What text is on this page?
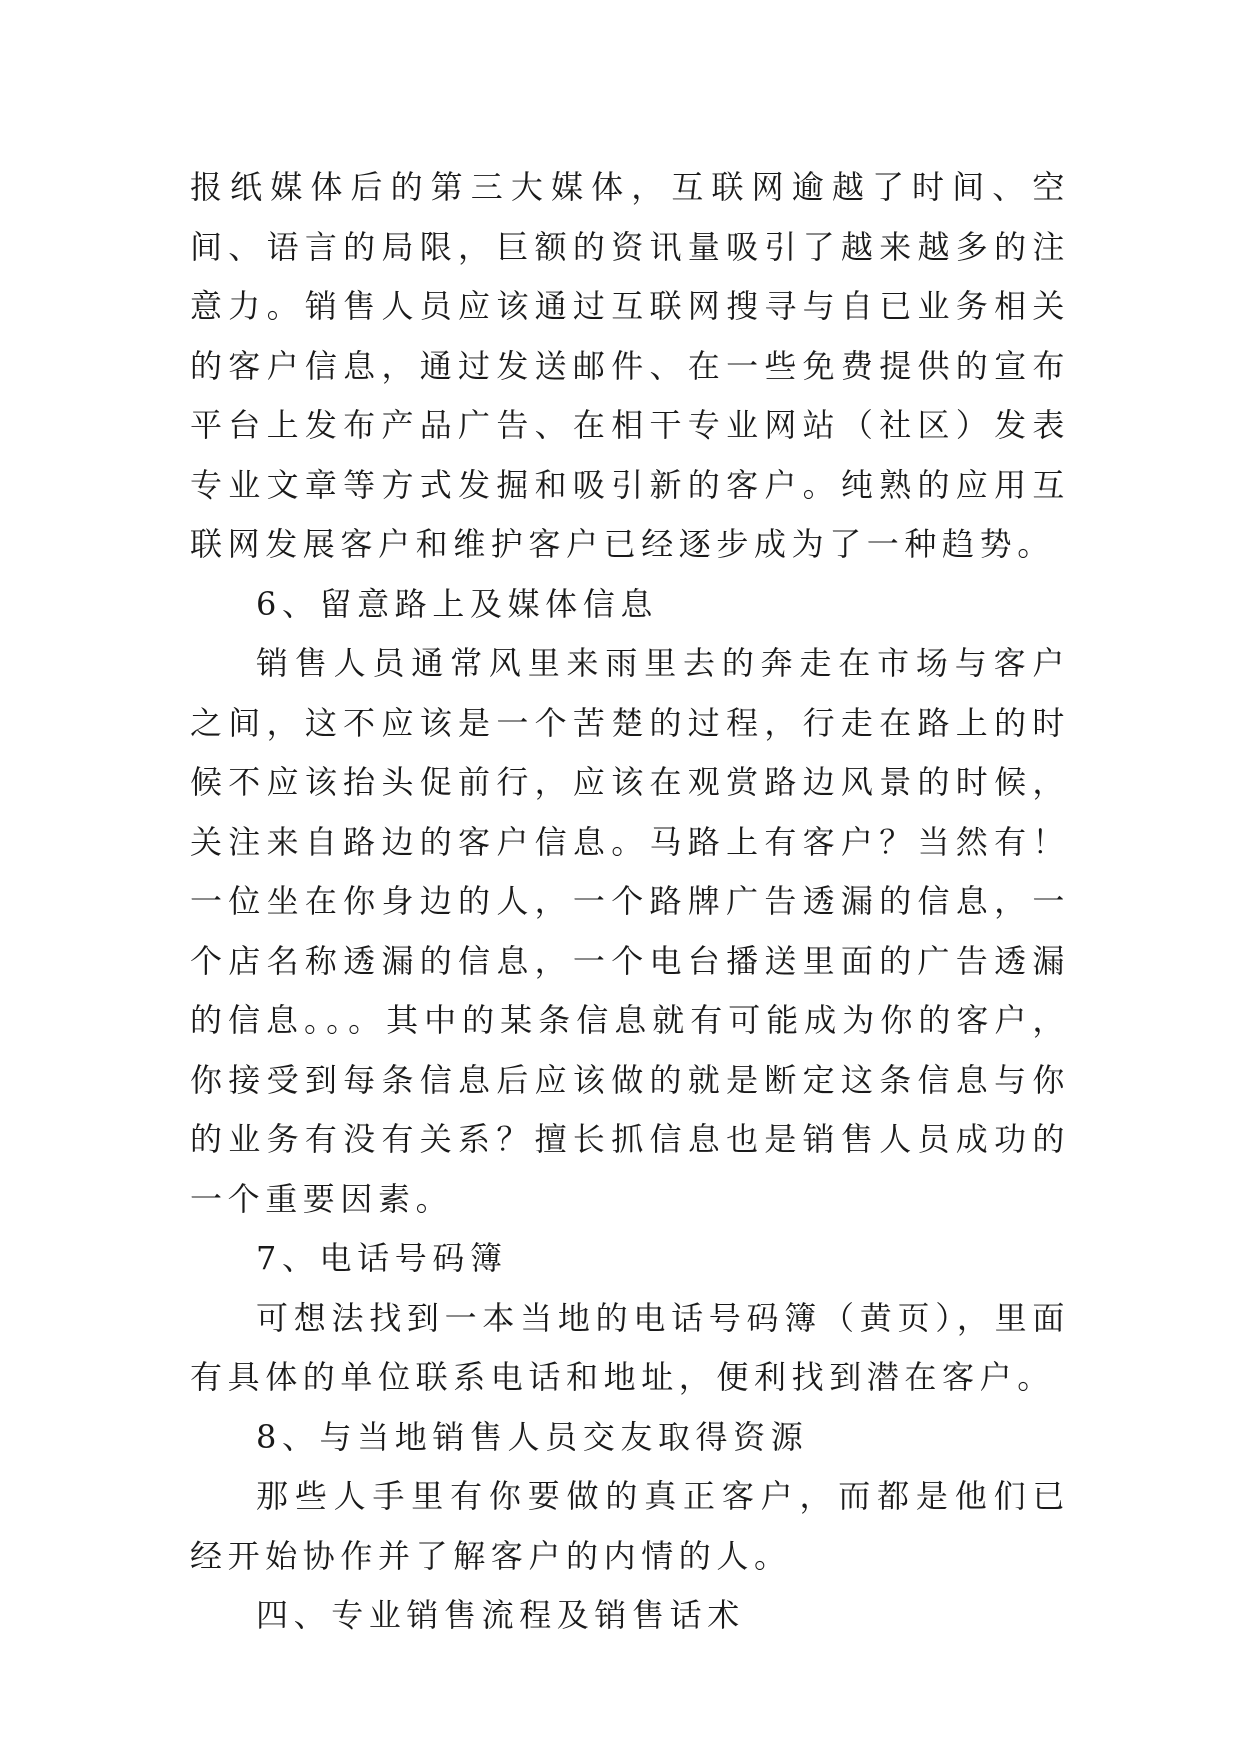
报纸媒体后的第三大媒体，互联网逾越了时间、空间、语言的局限，巨额的资讯量吸引了越来越多的注意力。销售人员应该通过互联网搜寻与自已业务相关的客户信息，通过发送邮件、在一些免费提供的宣布平台上发布产品广告、在相干专业网站（社区）发表专业文章等方式发掘和吸引新的客户。纯熟的应用互联网发展客户和维护客户已经逐步成为了一种趋势。

6、留意路上及媒体信息

销售人员通常风里来雨里去的奔走在市场与客户之间，这不应该是一个苦楚的过程，行走在路上的时候不应该抬头促前行，应该在观赏路边风景的时候，关注来自路边的客户信息。马路上有客户？当然有！一位坐在你身边的人，一个路牌广告透漏的信息，一个店名称透漏的信息，一个电台播送里面的广告透漏的信息。。。其中的某条信息就有可能成为你的客户，你接受到每条信息后应该做的就是断定这条信息与你的业务有没有关系？擅长抓信息也是销售人员成功的一个重要因素。

7、电话号码簿

可想法找到一本当地的电话号码簿（黄页），里面有具体的单位联系电话和地址，便利找到潜在客户。

8、与当地销售人员交友取得资源

那些人手里有你要做的真正客户，而都是他们已经开始协作并了解客户的内情的人。

四、专业销售流程及销售话术
